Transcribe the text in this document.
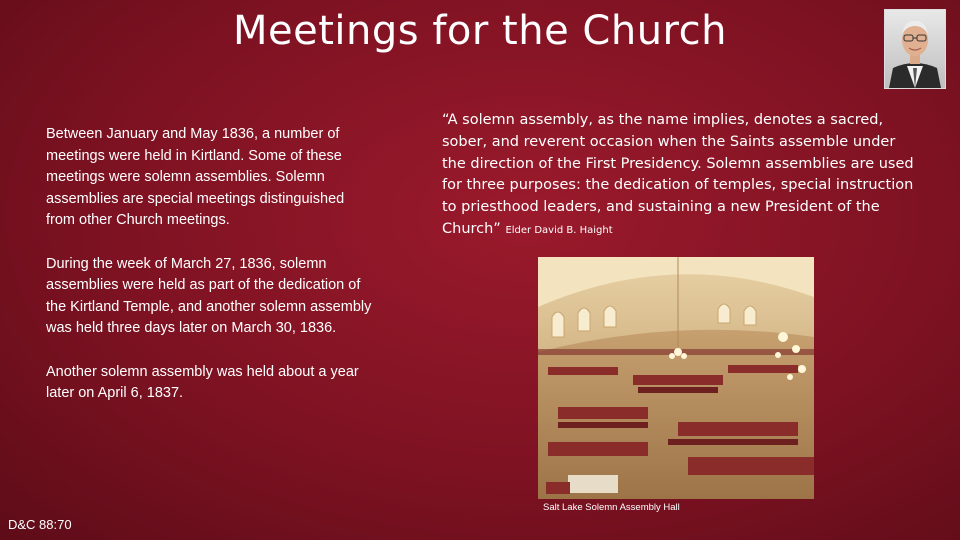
Meetings for the Church

Between January and May 1836, a number of meetings were held in Kirtland. Some of these meetings were solemn assemblies. Solemn assemblies are special meetings distinguished from other Church meetings.

During the week of March 27, 1836, solemn assemblies were held as part of the dedication of the Kirtland Temple, and another solemn assembly was held three days later on March 30, 1836.

Another solemn assembly was held about a year later on April 6, 1837.

“A solemn assembly, as the name implies, denotes a sacred, sober, and reverent occasion when the Saints assemble under the direction of the First Presidency. Solemn assemblies are used for three purposes: the dedication of temples, special instruction to priesthood leaders, and sustaining a new President of the Church” Elder David B. Haight
Salt Lake Solemn Assembly Hall
D&C 88:70
